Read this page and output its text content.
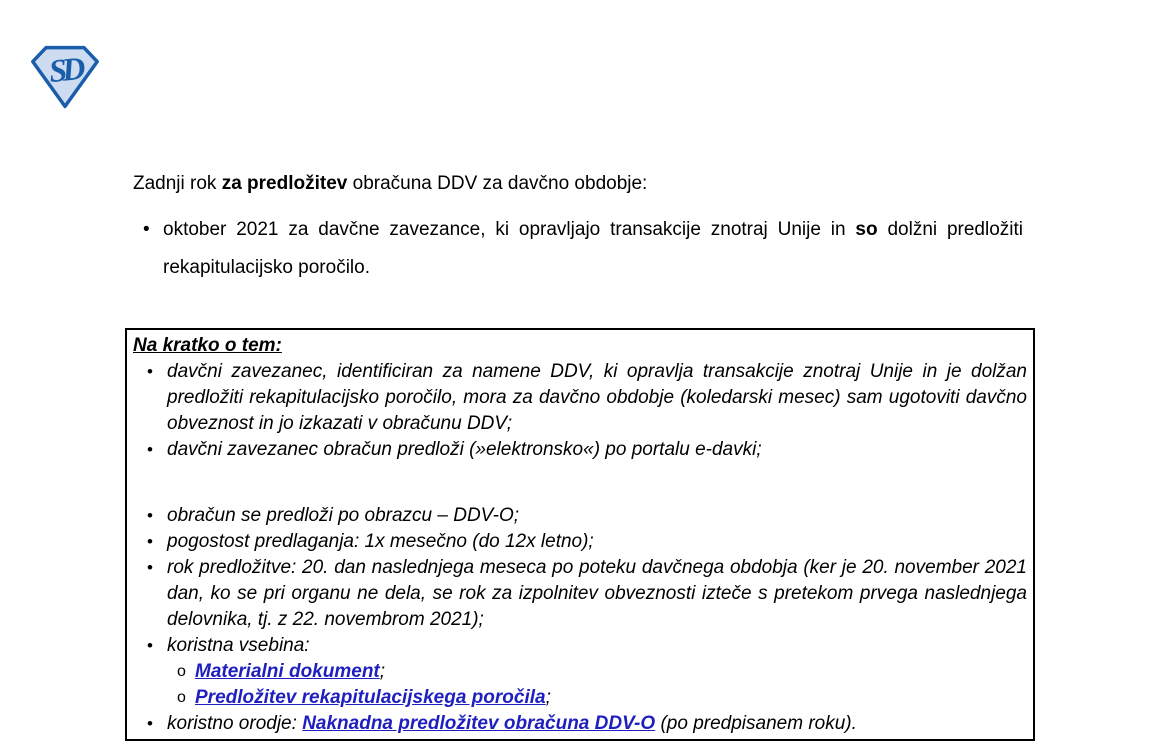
SD

Zadnji rok za predložitev obračuna DDV za davčno obdobje:

• oktober 2021 za davčne zavezance, ki opravljajo transakcije znotraj Unije in so dolžni predložiti rekapitulacijsko poročilo.

Na kratko o tem:

• davčni zavezanec, identificiran za namene DDV, ki opravlja transakcije znotraj Unije in je dolžan predložiti rekapitulacijsko poročilo, mora za davčno obdobje (koledarski mesec) sam ugotoviti davčno obveznost in jo izkazati v obračunu DDV;
• davčni zavezanec obračun predloži (»elektronsko«) po portalu e-davki;
• obračun se predloži po obrazcu – DDV-O;
• pogostost predlaganja: 1x mesečno (do 12x letno);
• rok predložitve: 20. dan naslednjega meseca po poteku davčnega obdobja (ker je 20. november 2021 dan, ko se pri organu ne dela, se rok za izpolnitev obveznosti izteče s pretekom prvega naslednjega delovnika, tj. z 22. novembrom 2021);
• koristna vsebina:
o Materialni dokument;
o Predložitev rekapitulacijskega poročila;
• koristno orodje: Naknadna predložitev obračuna DDV-O (po predpisanem roku).
